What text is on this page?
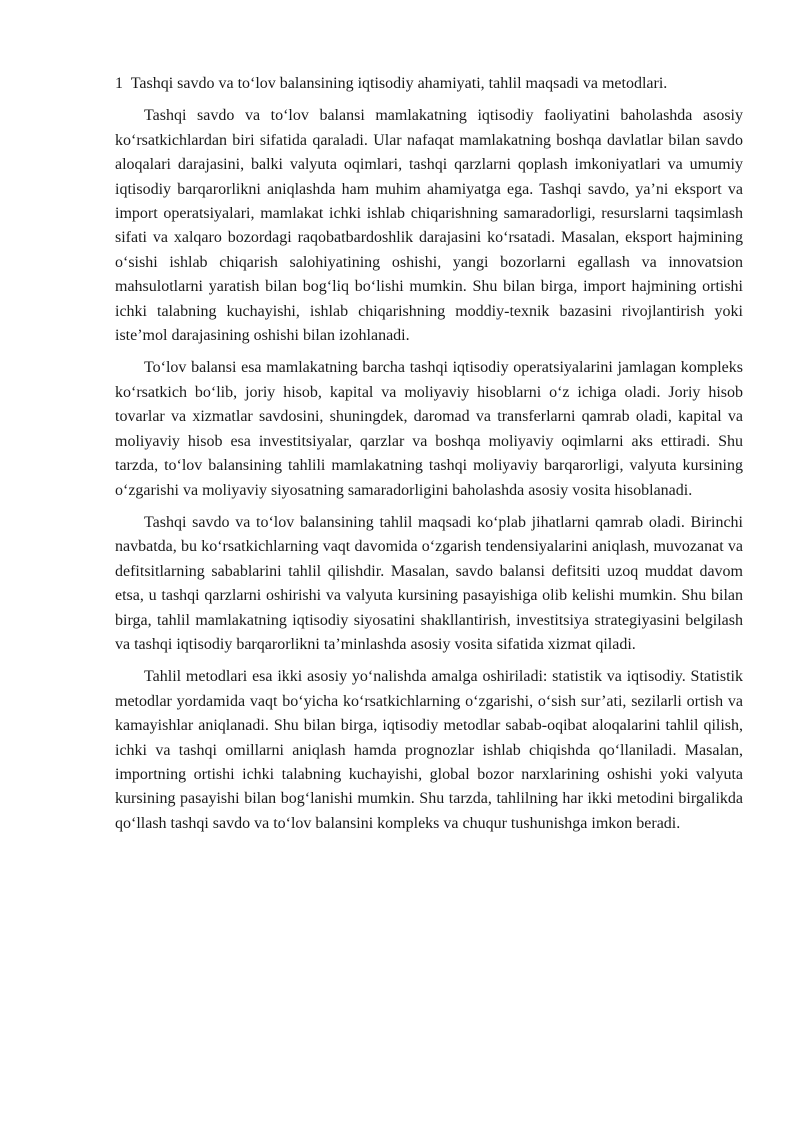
1 Tashqi savdo va to‘lov balansining iqtisodiy ahamiyati, tahlil maqsadi va metodlari.

Tashqi savdo va to‘lov balansi mamlakatning iqtisodiy faoliyatini baholashda asosiy ko‘rsatkichlardan biri sifatida qaraladi. Ular nafaqat mamlakatning boshqa davlatlar bilan savdo aloqalari darajasini, balki valyuta oqimlari, tashqi qarzlarni qoplash imkoniyatlari va umumiy iqtisodiy barqarorlikni aniqlashda ham muhim ahamiyatga ega. Tashqi savdo, ya’ni eksport va import operatsiyalari, mamlakat ichki ishlab chiqarishning samaradorligi, resurslarni taqsimlash sifati va xalqaro bozordagi raqobatbardoshlik darajasini ko‘rsatadi. Masalan, eksport hajmining o‘sishi ishlab chiqarish salohiyatining oshishi, yangi bozorlarni egallash va innovatsion mahsulotlarni yaratish bilan bog‘liq bo‘lishi mumkin. Shu bilan birga, import hajmining ortishi ichki talabning kuchayishi, ishlab chiqarishning moddiy-texnik bazasini rivojlantirish yoki iste’mol darajasining oshishi bilan izohlanadi.

To‘lov balansi esa mamlakatning barcha tashqi iqtisodiy operatsiyalarini jamlagan kompleks ko‘rsatkich bo‘lib, joriy hisob, kapital va moliyaviy hisoblarni o‘z ichiga oladi. Joriy hisob tovarlar va xizmatlar savdosini, shuningdek, daromad va transferlarni qamrab oladi, kapital va moliyaviy hisob esa investitsiyalar, qarzlar va boshqa moliyaviy oqimlarni aks ettiradi. Shu tarzda, to‘lov balansining tahlili mamlakatning tashqi moliyaviy barqarorligi, valyuta kursining o‘zgarishi va moliyaviy siyosatning samaradorligini baholashda asosiy vosita hisoblanadi.

Tashqi savdo va to‘lov balansining tahlil maqsadi ko‘plab jihatlarni qamrab oladi. Birinchi navbatda, bu ko‘rsatkichlarning vaqt davomida o‘zgarish tendensiyalarini aniqlash, muvozanat va defitsitlarning sabablarini tahlil qilishdir. Masalan, savdo balansi defitsiti uzoq muddat davom etsa, u tashqi qarzlarni oshirishi va valyuta kursining pasayishiga olib kelishi mumkin. Shu bilan birga, tahlil mamlakatning iqtisodiy siyosatini shakllantirish, investitsiya strategiyasini belgilash va tashqi iqtisodiy barqarorlikni ta’minlashda asosiy vosita sifatida xizmat qiladi.

Tahlil metodlari esa ikki asosiy yo‘nalishda amalga oshiriladi: statistik va iqtisodiy. Statistik metodlar yordamida vaqt bo‘yicha ko‘rsatkichlarning o‘zgarishi, o‘sish sur’ati, sezilarli ortish va kamayishlar aniqlanadi. Shu bilan birga, iqtisodiy metodlar sabab-oqibat aloqalarini tahlil qilish, ichki va tashqi omillarni aniqlash hamda prognozlar ishlab chiqishda qo‘llaniladi. Masalan, importning ortishi ichki talabning kuchayishi, global bozor narxlarining oshishi yoki valyuta kursining pasayishi bilan bog‘lanishi mumkin. Shu tarzda, tahlilning har ikki metodini birgalikda qo‘llash tashqi savdo va to‘lov balansini kompleks va chuqur tushunishga imkon beradi.
